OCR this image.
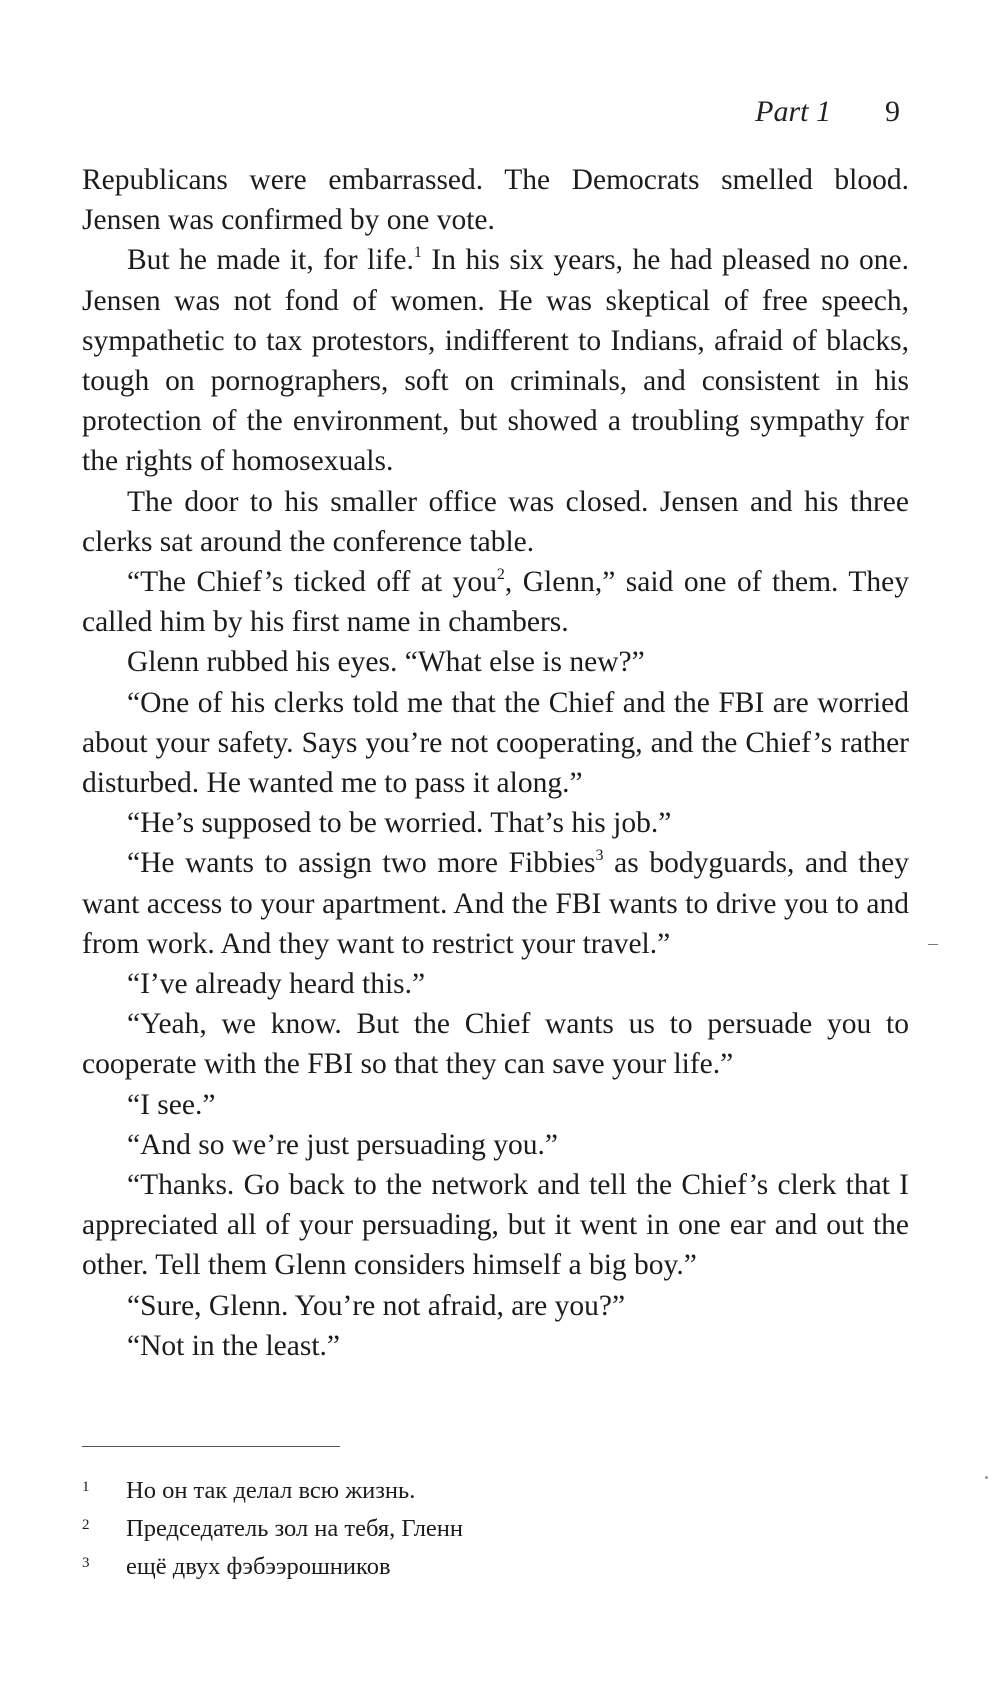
Part 1 9

Republicans were embarrassed. The Democrats smelled blood. Jensen was confirmed by one vote.

But he made it, for life.$^1$ In his six years, he had pleased no one. Jensen was not fond of women. He was skeptical of free speech, sympathetic to tax protestors, indifferent to Indians, afraid of blacks, tough on pornographers, soft on criminals, and consistent in his protection of the environment, but showed a troubling sympathy for the rights of homosexuals.

The door to his smaller office was closed. Jensen and his three clerks sat around the conference table.

“The Chief’s ticked off at you$^2$, Glenn,” said one of them. They called him by his first name in chambers.

Glenn rubbed his eyes. “What else is new?”

“One of his clerks told me that the Chief and the FBI are worried about your safety. Says you’re not cooperating, and the Chief’s rather disturbed. He wanted me to pass it along.”

“He’s supposed to be worried. That’s his job.”

“He wants to assign two more Fibbies$^3$ as bodyguards, and they want access to your apartment. And the FBI wants to drive you to and from work. And they want to restrict your travel.”

“I’ve already heard this.”

“Yeah, we know. But the Chief wants us to persuade you to cooperate with the FBI so that they can save your life.”

“I see.”

“And so we’re just persuading you.”

“Thanks. Go back to the network and tell the Chief’s clerk that I appreciated all of your persuading, but it went in one ear and out the other. Tell them Glenn considers himself a big boy.”

“Sure, Glenn. You’re not afraid, are you?”

“Not in the least.”

1 Но он так делал всю жизнь.
2 Председатель зол на тебя, Гленн
3 ещё двух фэбээрошников
